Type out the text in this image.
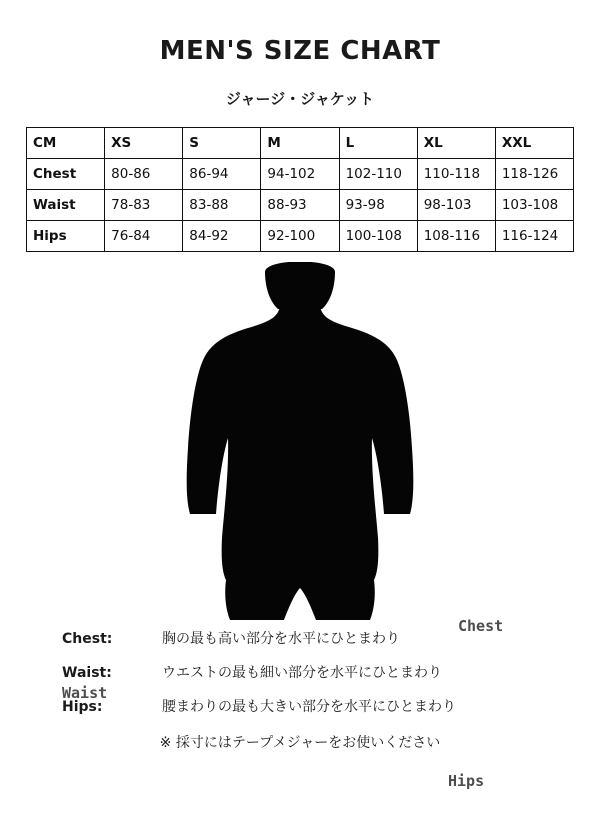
MEN'S SIZE CHART
ジャージ・ジャケット
CM	XS	S	M	L	XL	XXL
Chest	80-86	86-94	94-102	102-110	110-118	118-126
Waist	78-83	83-88	88-93	93-98	98-103	103-108
Hips	76-84	84-92	92-100	100-108	108-116	116-124
Chest
Waist
Hips
Chest:	胸の最も高い部分を水平にひとまわり
Waist:	ウエストの最も細い部分を水平にひとまわり
Hips:	腰まわりの最も大きい部分を水平にひとまわり
※ 採寸にはテープメジャーをお使いください
